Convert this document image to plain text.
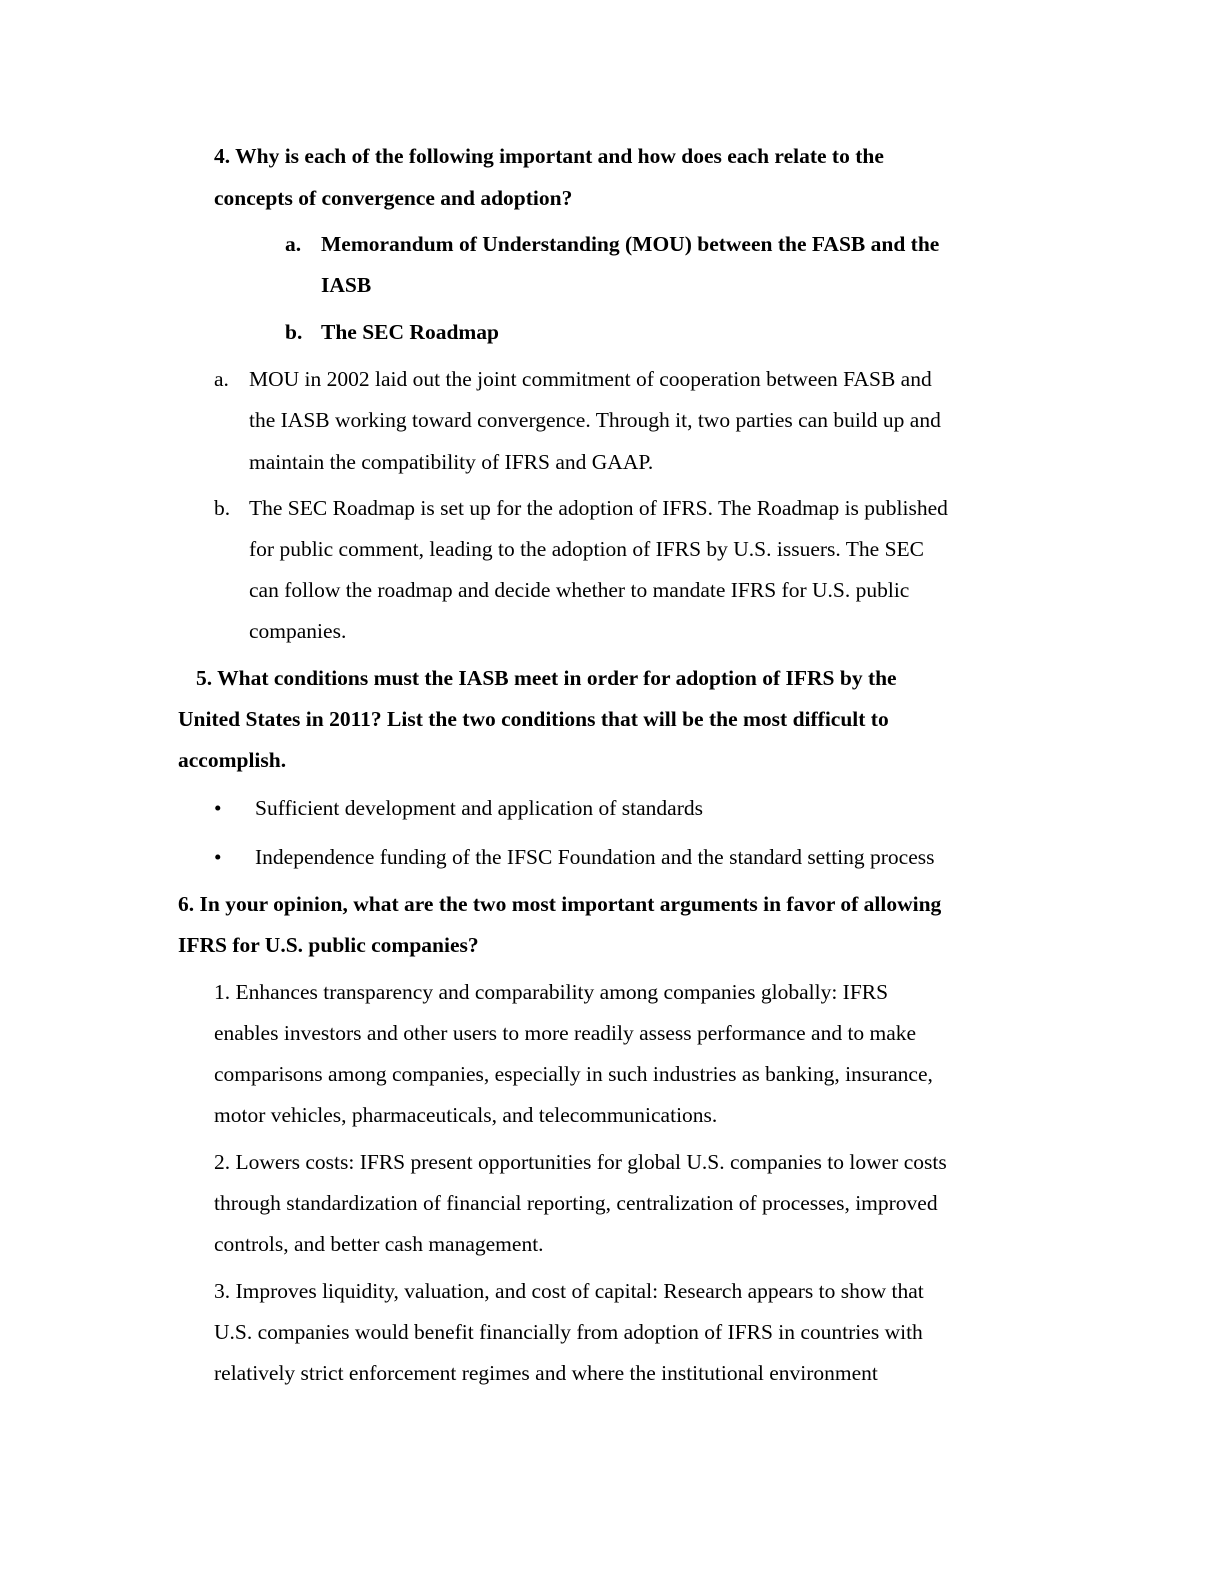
4. Why is each of the following important and how does each relate to the
concepts of convergence and adoption?
a. Memorandum of Understanding (MOU) between the FASB and the
IASB
b. The SEC Roadmap
a. MOU in 2002 laid out the joint commitment of cooperation between FASB and
the IASB working toward convergence. Through it, two parties can build up and
maintain the compatibility of IFRS and GAAP.
b. The SEC Roadmap is set up for the adoption of IFRS. The Roadmap is published
for public comment, leading to the adoption of IFRS by U.S. issuers. The SEC
can follow the roadmap and decide whether to mandate IFRS for U.S. public
companies.
5. What conditions must the IASB meet in order for adoption of IFRS by the
United States in 2011? List the two conditions that will be the most difficult to
accomplish.
• Sufficient development and application of standards
• Independence funding of the IFSC Foundation and the standard setting process
6. In your opinion, what are the two most important arguments in favor of allowing
IFRS for U.S. public companies?
1. Enhances transparency and comparability among companies globally: IFRS
enables investors and other users to more readily assess performance and to make
comparisons among companies, especially in such industries as banking, insurance,
motor vehicles, pharmaceuticals, and telecommunications.
2. Lowers costs: IFRS present opportunities for global U.S. companies to lower costs
through standardization of financial reporting, centralization of processes, improved
controls, and better cash management.
3. Improves liquidity, valuation, and cost of capital: Research appears to show that
U.S. companies would benefit financially from adoption of IFRS in countries with
relatively strict enforcement regimes and where the institutional environment
